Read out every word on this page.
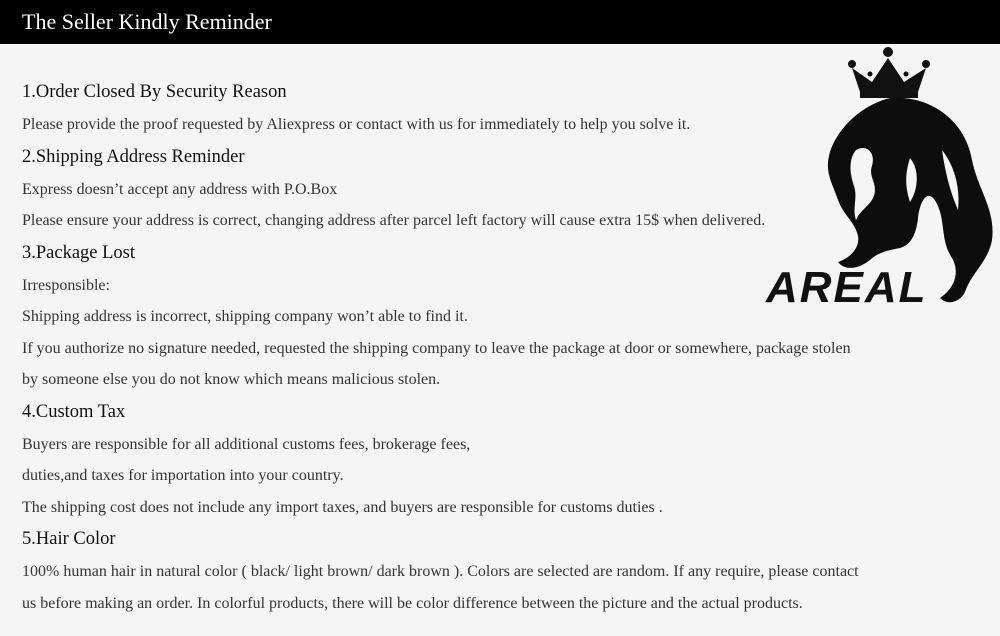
The Seller Kindly Reminder
1.Order Closed By Security Reason
Please provide the proof requested by Aliexpress or contact with us for immediately to help you solve it.
2.Shipping Address Reminder
Express doesn’t accept any address with P.O.Box
Please ensure your address is correct, changing address after parcel left factory will cause extra 15$ when delivered.
3.Package Lost
Irresponsible:
Shipping address is incorrect, shipping company won’t able to find it.
If you authorize no signature needed, requested the shipping company to leave the package at door or somewhere, package stolen
by someone else you do not know which means malicious stolen.
4.Custom Tax
Buyers are responsible for all additional customs fees, brokerage fees,
duties,and taxes for importation into your country.
The shipping cost does not include any import taxes, and buyers are responsible for customs duties .
5.Hair Color
100% human hair in natural color ( black/ light brown/ dark brown ). Colors are selected are random. If any require, please contact
us before making an order. In colorful products, there will be color difference between the picture and the actual products.
AREAL
